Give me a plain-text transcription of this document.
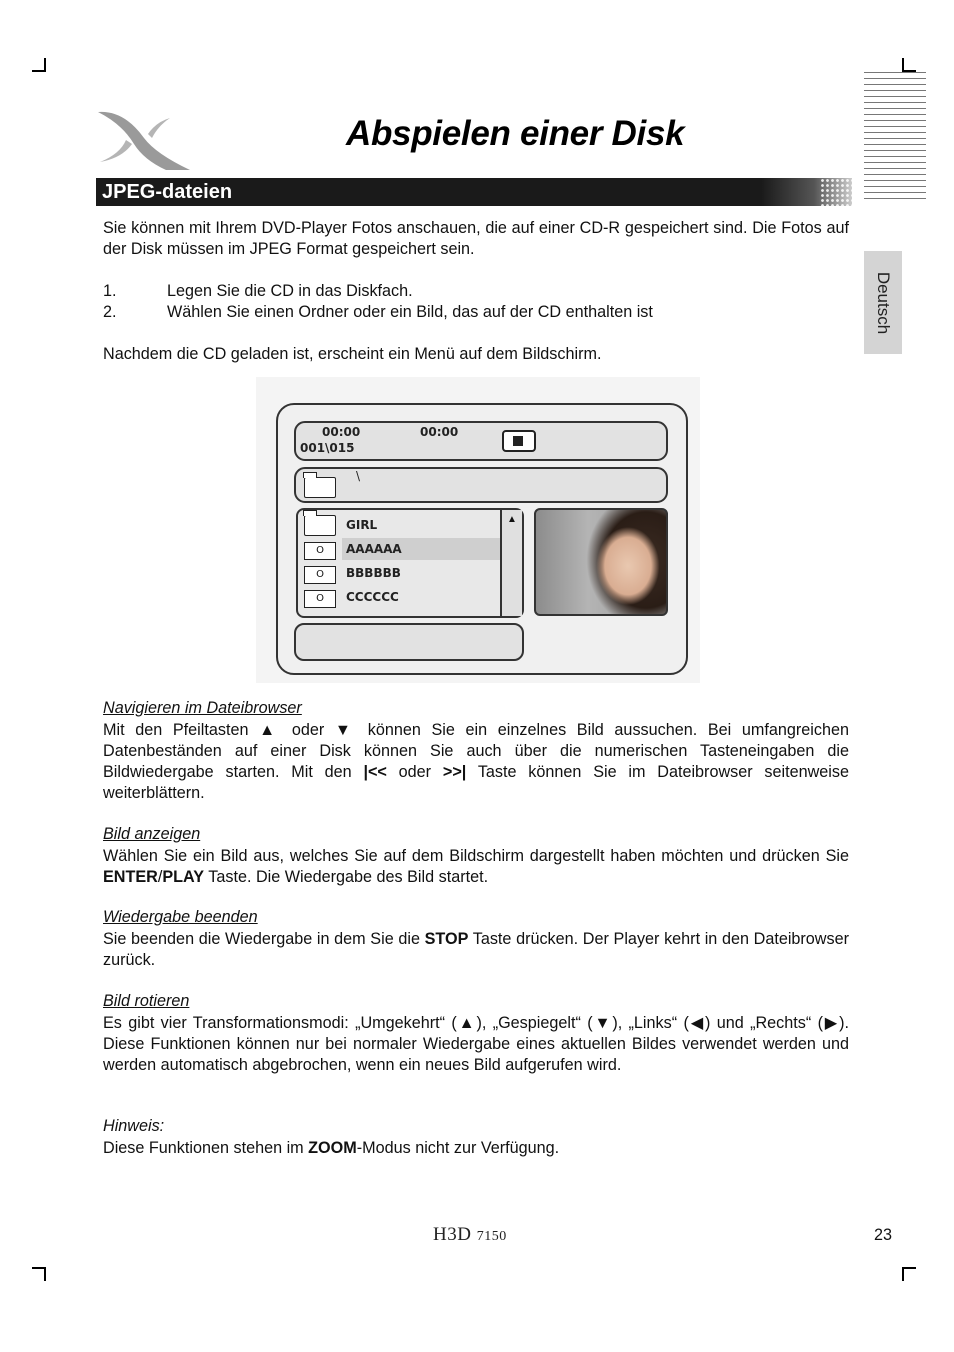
Abspielen einer Disk
JPEG-dateien
Deutsch
Sie können mit Ihrem DVD-Player Fotos anschauen, die auf einer CD-R gespeichert sind. Die Fotos auf der Disk müssen im JPEG Format gespeichert sein.
1.	Legen Sie die CD in das Diskfach.
2.	Wählen Sie einen Ordner oder ein Bild, das auf der CD enthalten ist
Nachdem die CD geladen ist, erscheint ein Menü auf dem Bildschirm.
00:00	00:00
001\015
\
GIRL
O	AAAAAA
O	BBBBBB
O	CCCCCC
▲
Navigieren im Dateibrowser
Mit den Pfeiltasten ▲ oder ▼ können Sie ein einzelnes Bild aussuchen. Bei umfangreichen Datenbeständen auf einer Disk können Sie auch über die numerischen Tasteneingaben die Bildwiedergabe starten. Mit den |<< oder >>| Taste können Sie im Dateibrowser seitenweise weiterblättern.
Bild anzeigen
Wählen Sie ein Bild aus, welches Sie auf dem Bildschirm dargestellt haben möchten und drücken Sie ENTER/PLAY Taste. Die Wiedergabe des Bild startet.
Wiedergabe beenden
Sie beenden die Wiedergabe in dem Sie die STOP Taste drücken. Der Player kehrt in den Dateibrowser zurück.
Bild rotieren
Es gibt vier Transformationsmodi: „Umgekehrt“ (▲), „Gespiegelt“ (▼), „Links“ (◀) und „Rechts“ (▶). Diese Funktionen können nur bei normaler Wiedergabe eines aktuellen Bildes verwendet werden und werden automatisch abgebrochen, wenn ein neues Bild aufgerufen wird.
Hinweis:
Diese Funktionen stehen im ZOOM-Modus nicht zur Verfügung.
H3D 7150	23
